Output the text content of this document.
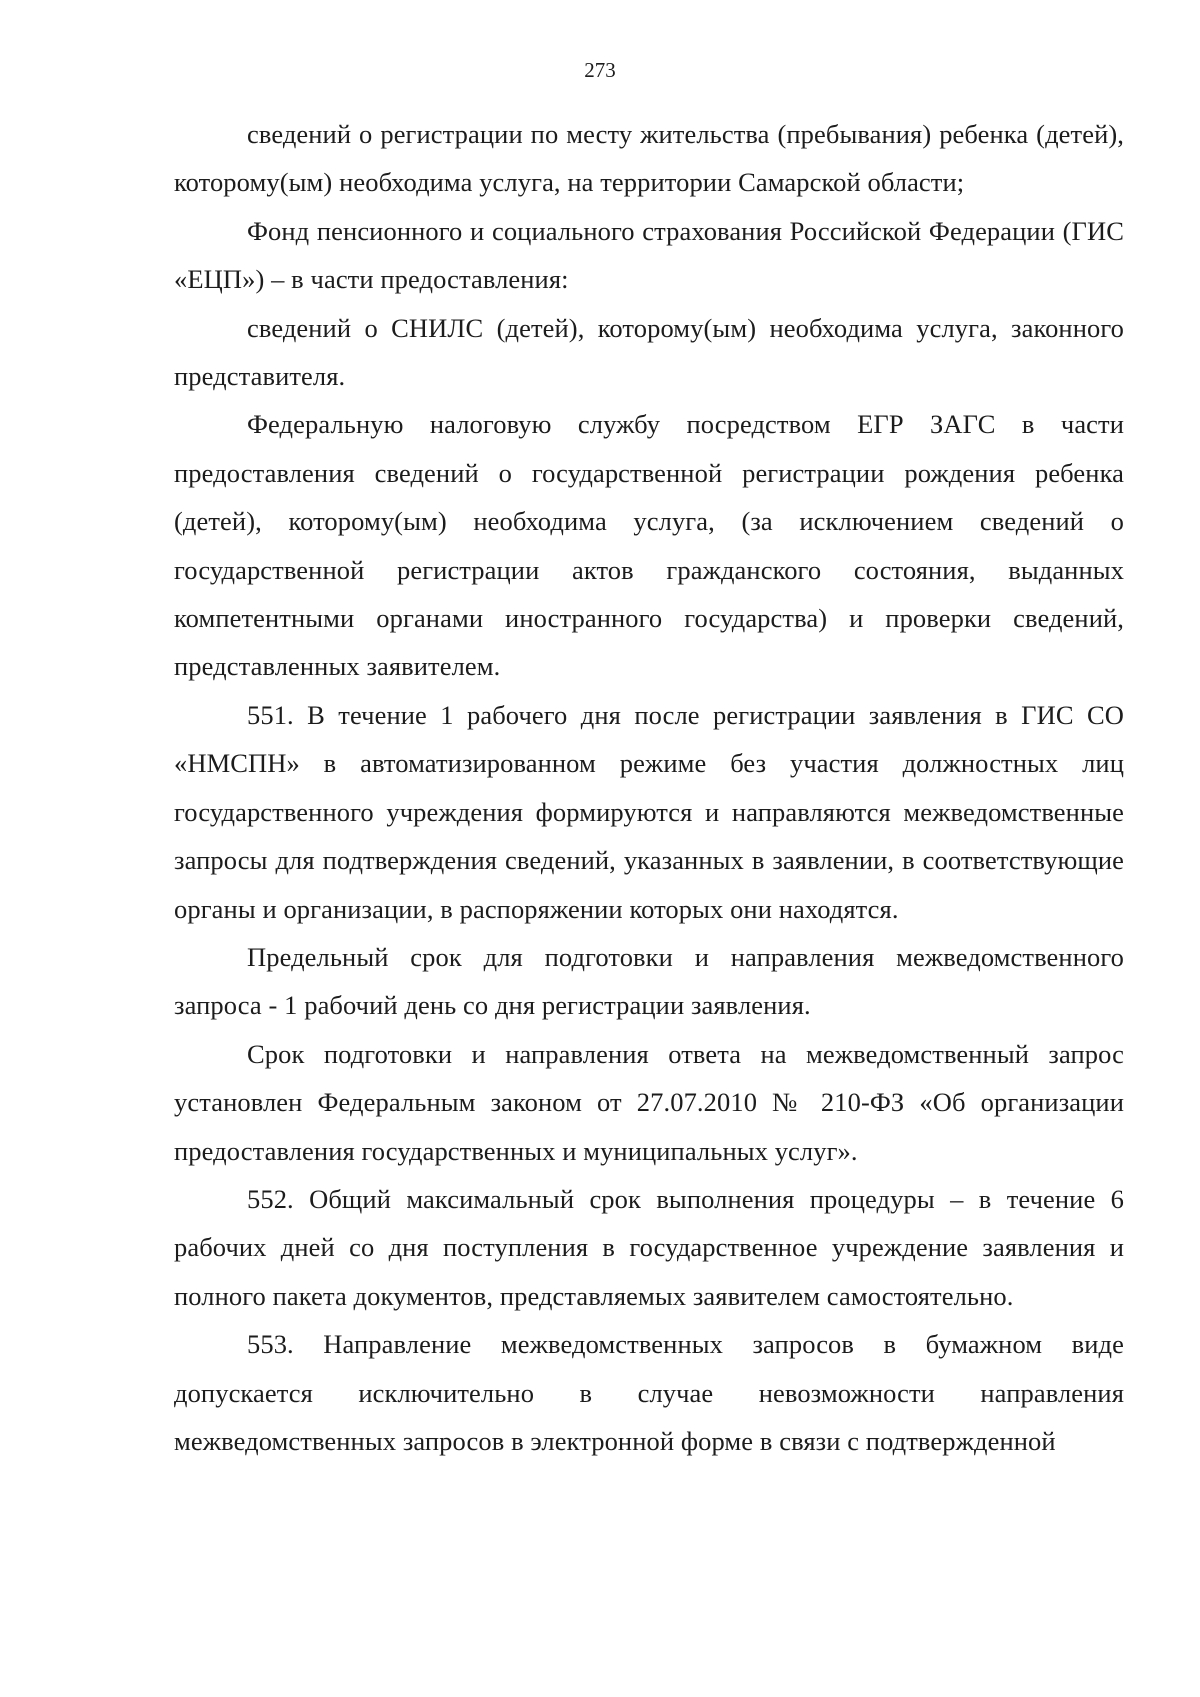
273

сведений о регистрации по месту жительства (пребывания) ребенка (детей), которому(ым) необходима услуга, на территории Самарской области;

Фонд пенсионного и социального страхования Российской Федерации (ГИС «ЕЦП») – в части предоставления:

сведений о СНИЛС (детей), которому(ым) необходима услуга, законного представителя.

Федеральную налоговую службу посредством ЕГР ЗАГС в части предоставления сведений о государственной регистрации рождения ребенка (детей), которому(ым) необходима услуга, (за исключением сведений о государственной регистрации актов гражданского состояния, выданных компетентными органами иностранного государства) и проверки сведений, представленных заявителем.

551. В течение 1 рабочего дня после регистрации заявления в ГИС СО «НМСПН» в автоматизированном режиме без участия должностных лиц государственного учреждения формируются и направляются межведомственные запросы для подтверждения сведений, указанных в заявлении, в соответствующие органы и организации, в распоряжении которых они находятся.

Предельный срок для подготовки и направления межведомственного запроса - 1 рабочий день со дня регистрации заявления.

Срок подготовки и направления ответа на межведомственный запрос установлен Федеральным законом от 27.07.2010 № 210-ФЗ «Об организации предоставления государственных и муниципальных услуг».

552. Общий максимальный срок выполнения процедуры – в течение 6 рабочих дней со дня поступления в государственное учреждение заявления и полного пакета документов, представляемых заявителем самостоятельно.

553. Направление межведомственных запросов в бумажном виде допускается исключительно в случае невозможности направления межведомственных запросов в электронной форме в связи с подтвержденной
